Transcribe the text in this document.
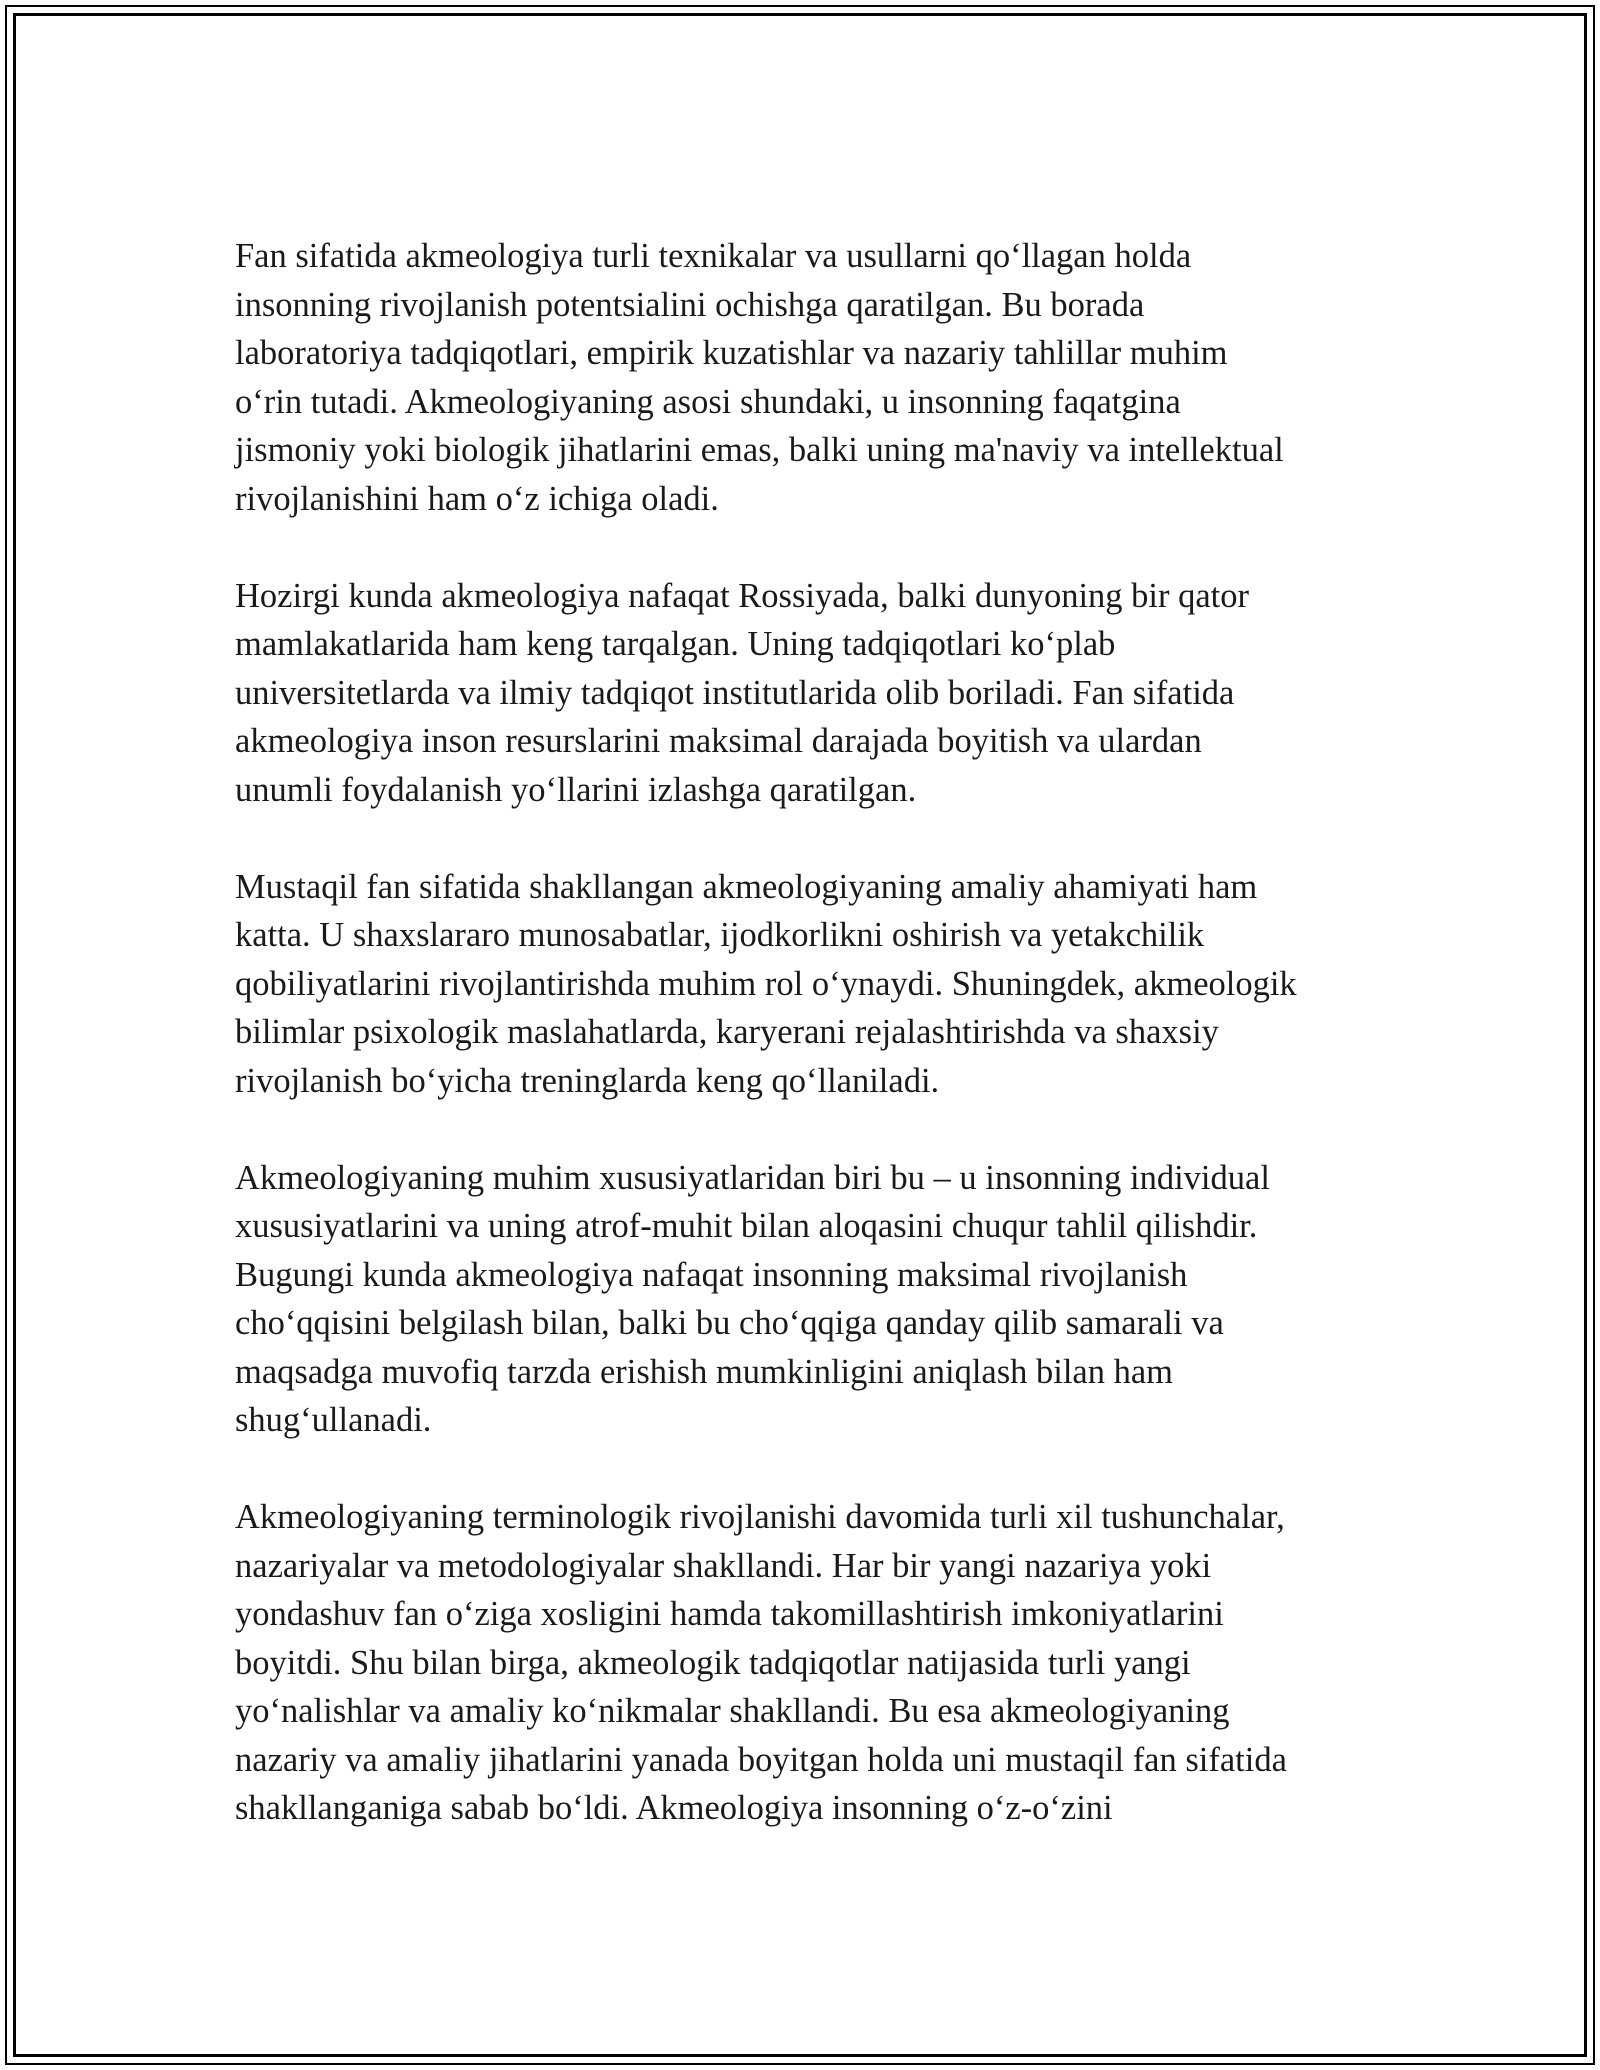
Fan sifatida akmeologiya turli texnikalar va usullarni qo‘llagan holda
insonning rivojlanish potentsialini ochishga qaratilgan. Bu borada
laboratoriya tadqiqotlari, empirik kuzatishlar va nazariy tahlillar muhim
o‘rin tutadi. Akmeologiyaning asosi shundaki, u insonning faqatgina
jismoniy yoki biologik jihatlarini emas, balki uning ma'naviy va intellektual
rivojlanishini ham o‘z ichiga oladi.

Hozirgi kunda akmeologiya nafaqat Rossiyada, balki dunyoning bir qator
mamlakatlarida ham keng tarqalgan. Uning tadqiqotlari ko‘plab
universitetlarda va ilmiy tadqiqot institutlarida olib boriladi. Fan sifatida
akmeologiya inson resurslarini maksimal darajada boyitish va ulardan
unumli foydalanish yo‘llarini izlashga qaratilgan.

Mustaqil fan sifatida shakllangan akmeologiyaning amaliy ahamiyati ham
katta. U shaxslararo munosabatlar, ijodkorlikni oshirish va yetakchilik
qobiliyatlarini rivojlantirishda muhim rol o‘ynaydi. Shuningdek, akmeologik
bilimlar psixologik maslahatlarda, karyerani rejalashtirishda va shaxsiy
rivojlanish bo‘yicha treninglarda keng qo‘llaniladi.

Akmeologiyaning muhim xususiyatlaridan biri bu – u insonning individual
xususiyatlarini va uning atrof-muhit bilan aloqasini chuqur tahlil qilishdir.
Bugungi kunda akmeologiya nafaqat insonning maksimal rivojlanish
cho‘qqisini belgilash bilan, balki bu cho‘qqiga qanday qilib samarali va
maqsadga muvofiq tarzda erishish mumkinligini aniqlash bilan ham
shug‘ullanadi.

Akmeologiyaning terminologik rivojlanishi davomida turli xil tushunchalar,
nazariyalar va metodologiyalar shakllandi. Har bir yangi nazariya yoki
yondashuv fan o‘ziga xosligini hamda takomillashtirish imkoniyatlarini
boyitdi. Shu bilan birga, akmeologik tadqiqotlar natijasida turli yangi
yo‘nalishlar va amaliy ko‘nikmalar shakllandi. Bu esa akmeologiyaning
nazariy va amaliy jihatlarini yanada boyitgan holda uni mustaqil fan sifatida
shakllanganiga sabab bo‘ldi. Akmeologiya insonning o‘z-o‘zini
